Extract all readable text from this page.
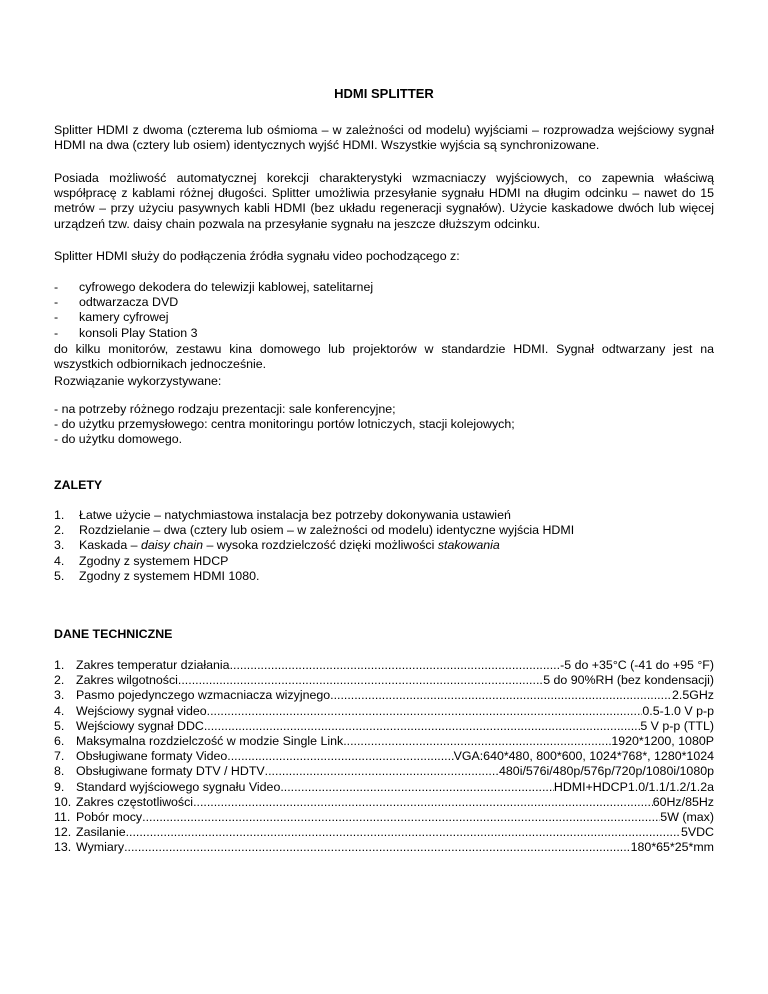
HDMI SPLITTER

Splitter HDMI z dwoma (czterema lub ośmioma – w zależności od modelu) wyjściami – rozprowadza wejściowy sygnał HDMI na dwa (cztery lub osiem) identycznych wyjść HDMI. Wszystkie wyjścia są synchronizowane.

Posiada możliwość automatycznej korekcji charakterystyki wzmacniaczy wyjściowych, co zapewnia właściwą współpracę z kablami różnej długości. Splitter umożliwia przesyłanie sygnału HDMI na długim odcinku – nawet do 15 metrów – przy użyciu pasywnych kabli HDMI (bez układu regeneracji sygnałów). Użycie kaskadowe dwóch lub więcej urządzeń tzw. daisy chain pozwala na przesyłanie sygnału na jeszcze dłuższym odcinku.

Splitter HDMI służy do podłączenia źródła sygnału video pochodzącego z:

- cyfrowego dekodera do telewizji kablowej, satelitarnej
- odtwarzacza DVD
- kamery cyfrowej
- konsoli Play Station 3

do kilku monitorów, zestawu kina domowego lub projektorów w standardzie HDMI. Sygnał odtwarzany jest na wszystkich odbiornikach jednocześnie.

Rozwiązanie wykorzystywane:

- na potrzeby różnego rodzaju prezentacji: sale konferencyjne;
- do użytku przemysłowego: centra monitoringu portów lotniczych, stacji kolejowych;
- do użytku domowego.
ZALETY
1. Łatwe użycie – natychmiastowa instalacja bez potrzeby dokonywania ustawień
2. Rozdzielanie – dwa (cztery lub osiem – w zależności od modelu) identyczne wyjścia HDMI
3. Kaskada – daisy chain – wysoka rozdzielczość dzięki możliwości stakowania
4. Zgodny z systemem HDCP
5. Zgodny z systemem HDMI 1080.
DANE TECHNICZNE
1. Zakres temperatur działania .....	-5 do +35°C (-41 do +95 °F)
2. Zakres wilgotności .....	5 do 90%RH (bez kondensacji)
3. Pasmo pojedynczego wzmacniacza wizyjnego .....	2.5GHz
4. Wejściowy sygnał video .....	0.5-1.0 V p-p
5. Wejściowy sygnał DDC .....	5 V p-p (TTL)
6. Maksymalna rozdzielczość w modzie Single Link .....	1920*1200, 1080P
7. Obsługiwane formaty Video .....	VGA:640*480, 800*600, 1024*768*, 1280*1024
8. Obsługiwane formaty DTV / HDTV .....	480i/576i/480p/576p/720p/1080i/1080p
9. Standard wyjściowego sygnału Video .....	HDMI+HDCP1.0/1.1/1.2/1.2a
10. Zakres częstotliwości .....	60Hz/85Hz
11. Pobór mocy .....	5W (max)
12. Zasilanie .....	5VDC
13. Wymiary .....	180*65*25*mm
